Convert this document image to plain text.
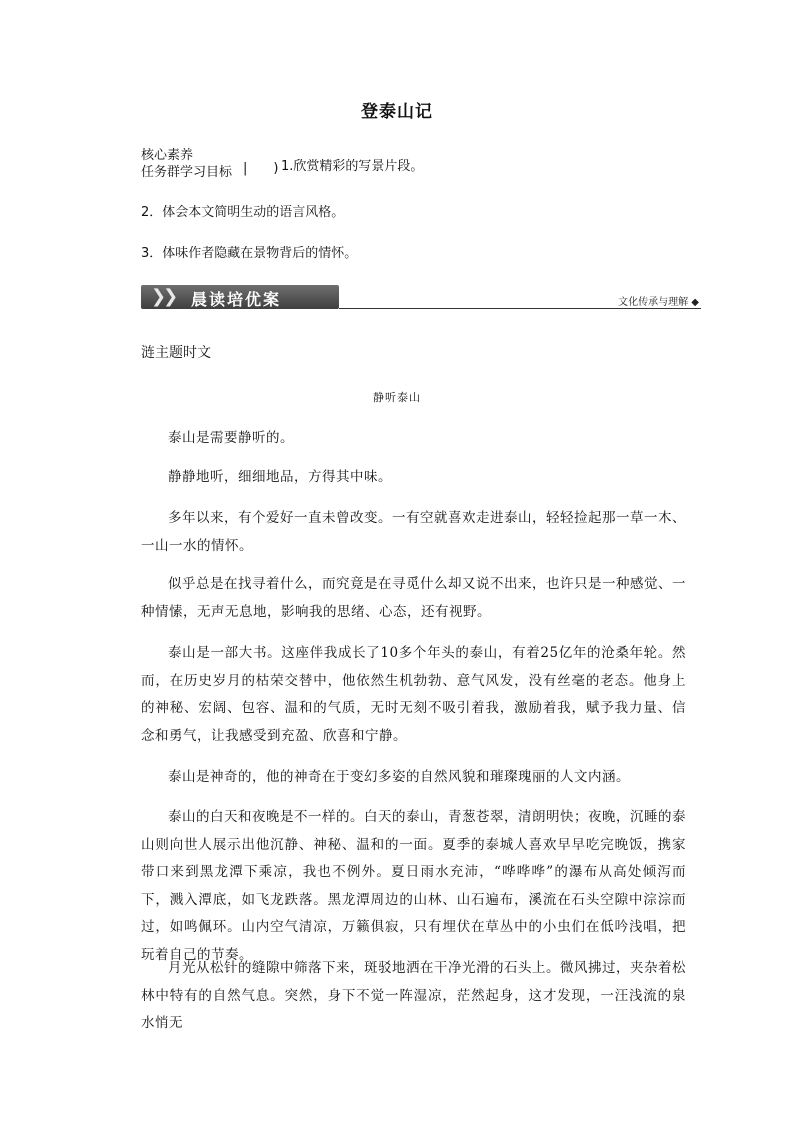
登泰山记
核心素养
任务群学习目标 |　　) 1.欣赏精彩的写景片段。
2．体会本文简明生动的语言风格。
3．体味作者隐藏在景物背后的情怀。
❯❯ 晨读培优案	文化传承与理解 ◆
涟主题时文
静听泰山
泰山是需要静听的。
静静地听，细细地品，方得其中味。
多年以来，有个爱好一直未曾改变。一有空就喜欢走进泰山，轻轻捡起那一草一木、一山一水的情怀。
似乎总是在找寻着什么，而究竟是在寻觅什么却又说不出来，也许只是一种感觉、一种情愫，无声无息地，影响我的思绪、心态，还有视野。
泰山是一部大书。这座伴我成长了10多个年头的泰山，有着25亿年的沧桑年轮。然而，在历史岁月的枯荣交替中，他依然生机勃勃、意气风发，没有丝毫的老态。他身上的神秘、宏阔、包容、温和的气质，无时无刻不吸引着我，激励着我，赋予我力量、信念和勇气，让我感受到充盈、欣喜和宁静。
泰山是神奇的，他的神奇在于变幻多姿的自然风貌和璀璨瑰丽的人文内涵。
泰山的白天和夜晚是不一样的。白天的泰山，青葱苍翠，清朗明快；夜晚，沉睡的泰山则向世人展示出他沉静、神秘、温和的一面。夏季的泰城人喜欢早早吃完晚饭，携家带口来到黑龙潭下乘凉，我也不例外。夏日雨水充沛，“哗哗哗”的瀑布从高处倾泻而下，溅入潭底，如飞龙跌落。黑龙潭周边的山林、山石遍布，溪流在石头空隙中淙淙而过，如鸣佩环。山内空气清凉，万籁俱寂，只有埋伏在草丛中的小虫们在低吟浅唱，把玩着自己的节奏。
月光从松针的缝隙中筛落下来，斑驳地洒在干净光滑的石头上。微风拂过，夹杂着松林中特有的自然气息。突然，身下不觉一阵湿凉，茫然起身，这才发现，一汪浅流的泉水悄无
